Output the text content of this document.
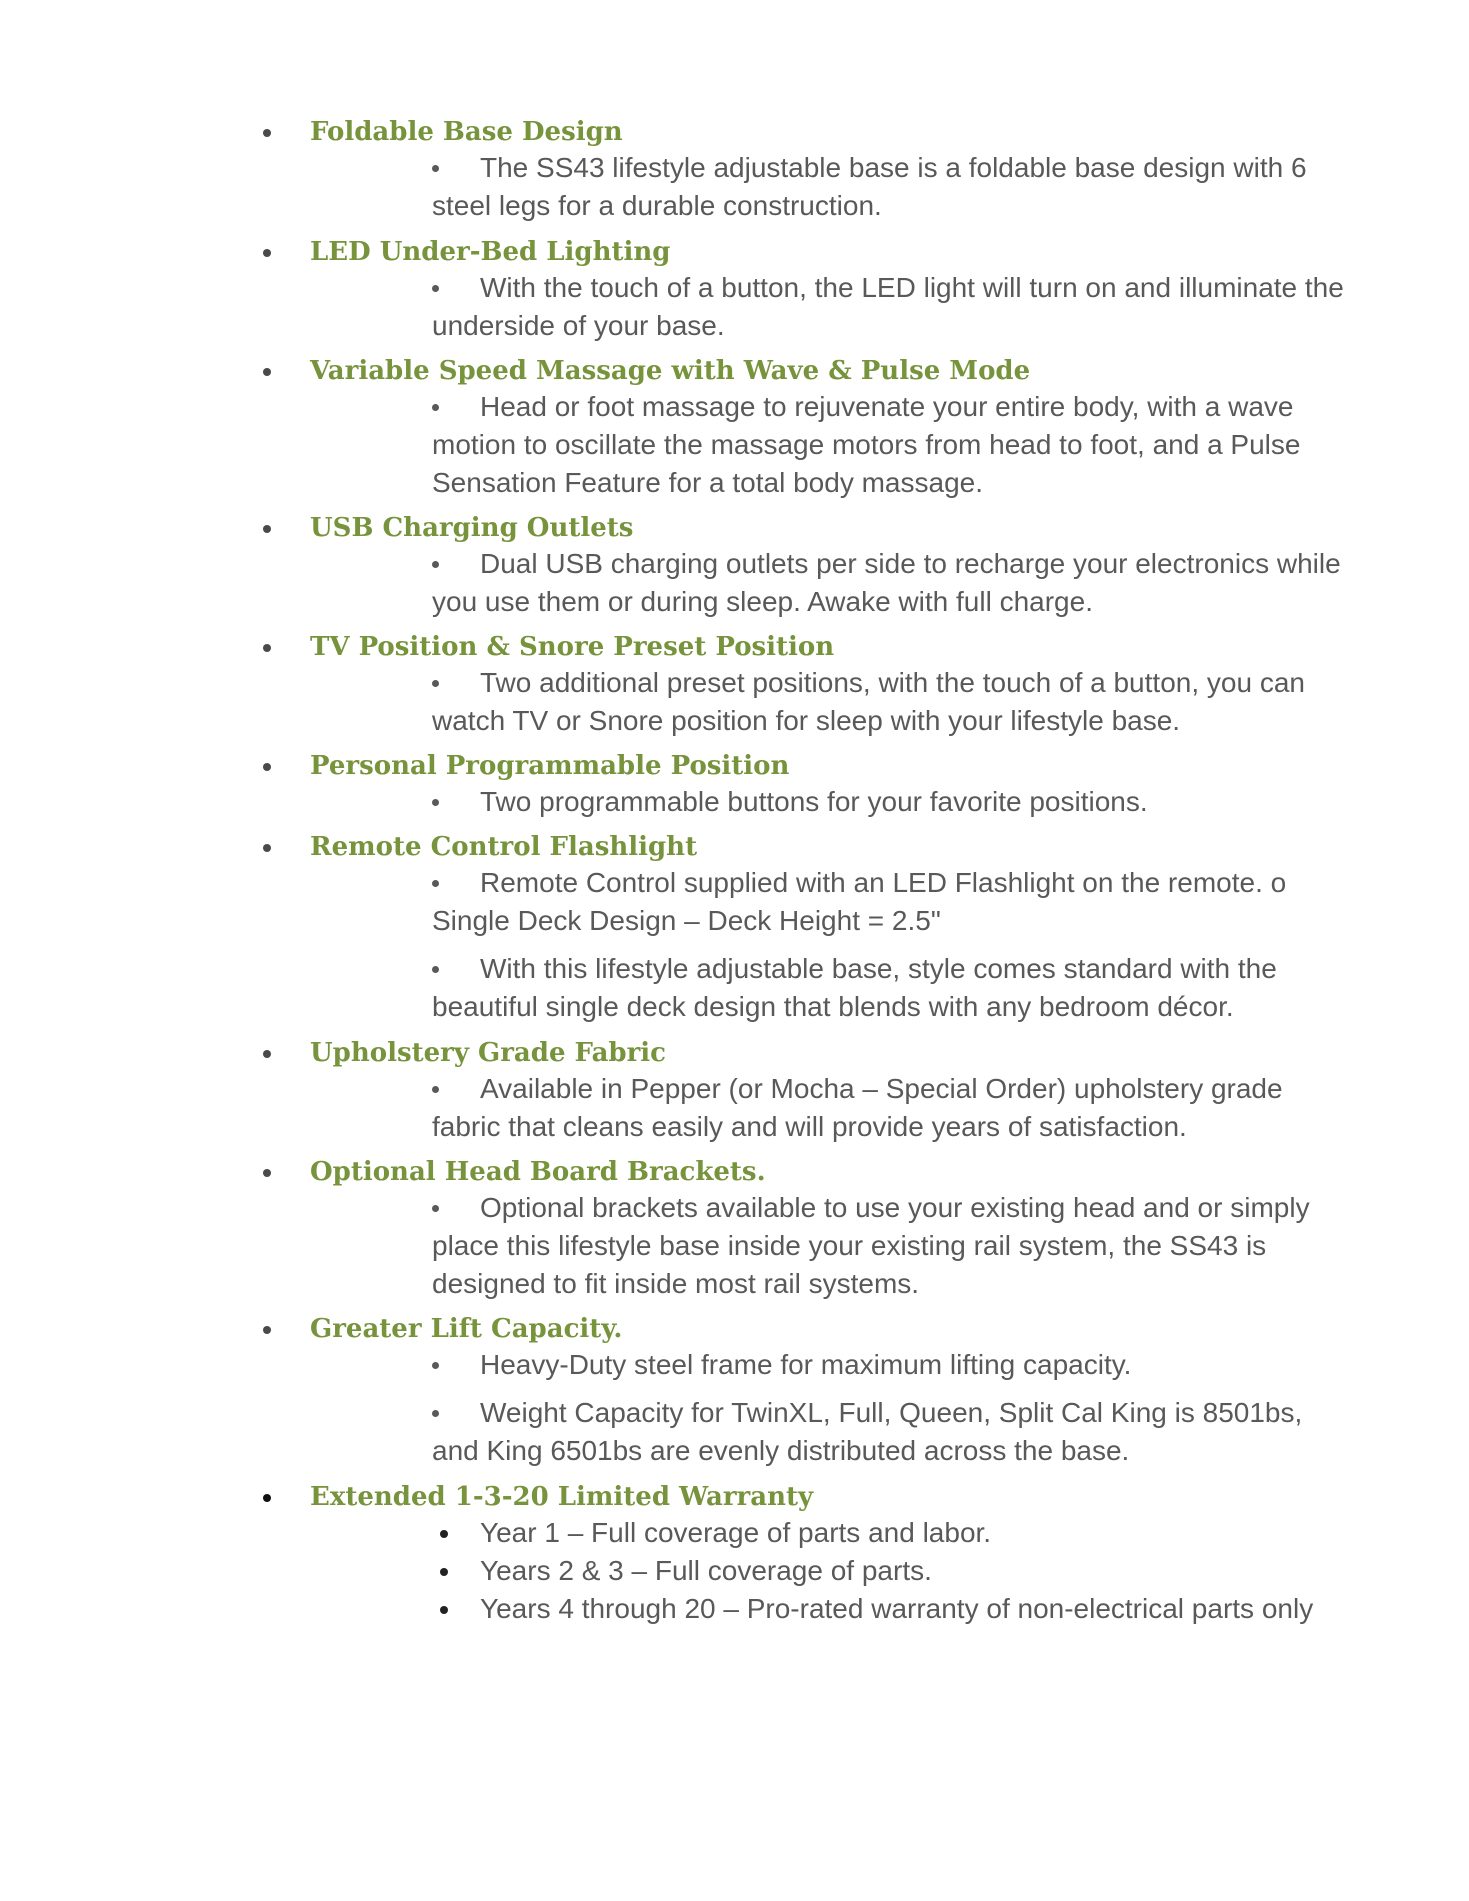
Foldable Base Design
The SS43 lifestyle adjustable base is a foldable base design with 6 steel legs for a durable construction.
LED Under-Bed Lighting
With the touch of a button, the LED light will turn on and illuminate the underside of your base.
Variable Speed Massage with Wave & Pulse Mode
Head or foot massage to rejuvenate your entire body, with a wave motion to oscillate the massage motors from head to foot, and a Pulse Sensation Feature for a total body massage.
USB Charging Outlets
Dual USB charging outlets per side to recharge your electronics while you use them or during sleep. Awake with full charge.
TV Position & Snore Preset Position
Two additional preset positions, with the touch of a button, you can watch TV or Snore position for sleep with your lifestyle base.
Personal Programmable Position
Two programmable buttons for your favorite positions.
Remote Control Flashlight
Remote Control supplied with an LED Flashlight on the remote. o Single Deck Design – Deck Height = 2.5"
With this lifestyle adjustable base, style comes standard with the beautiful single deck design that blends with any bedroom décor.
Upholstery Grade Fabric
Available in Pepper (or Mocha – Special Order) upholstery grade fabric that cleans easily and will provide years of satisfaction.
Optional Head Board Brackets.
Optional brackets available to use your existing head and or simply place this lifestyle base inside your existing rail system, the SS43 is designed to fit inside most rail systems.
Greater Lift Capacity.
Heavy-Duty steel frame for maximum lifting capacity.
Weight Capacity for TwinXL, Full, Queen, Split Cal King is 8501bs, and King 6501bs are evenly distributed across the base.
Extended 1-3-20 Limited Warranty
Year 1 – Full coverage of parts and labor.
Years 2 & 3 – Full coverage of parts.
Years 4 through 20 – Pro-rated warranty of non-electrical parts only
